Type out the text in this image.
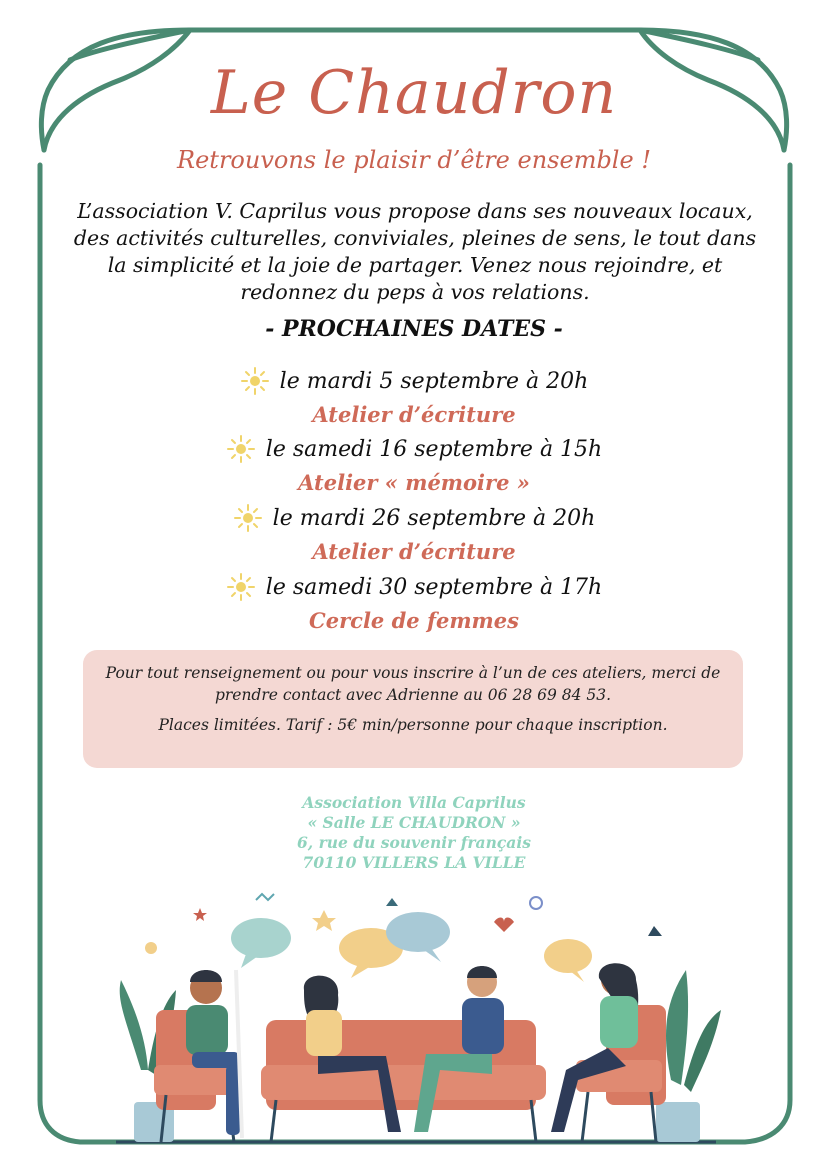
Le Chaudron
Retrouvons le plaisir d’être ensemble !
L’association V. Caprilus vous propose dans ses nouveaux locaux, des activités culturelles, conviviales, pleines de sens, le tout dans la simplicité et la joie de partager. Venez nous rejoindre, et redonnez du peps à vos relations.
- PROCHAINES DATES -
le mardi 5 septembre à 20h
Atelier d’écriture
le samedi 16 septembre à 15h
Atelier « mémoire »
le mardi 26 septembre à 20h
Atelier d’écriture
le samedi 30 septembre à 17h
Cercle de femmes

Pour tout renseignement ou pour vous inscrire à l’un de ces ateliers, merci de prendre contact avec Adrienne au 06 28 69 84 53.

Places limitées. Tarif : 5€ min/personne pour chaque inscription.

Association Villa Caprilus
« Salle LE CHAUDRON »
6, rue du souvenir français
70110 VILLERS LA VILLE
